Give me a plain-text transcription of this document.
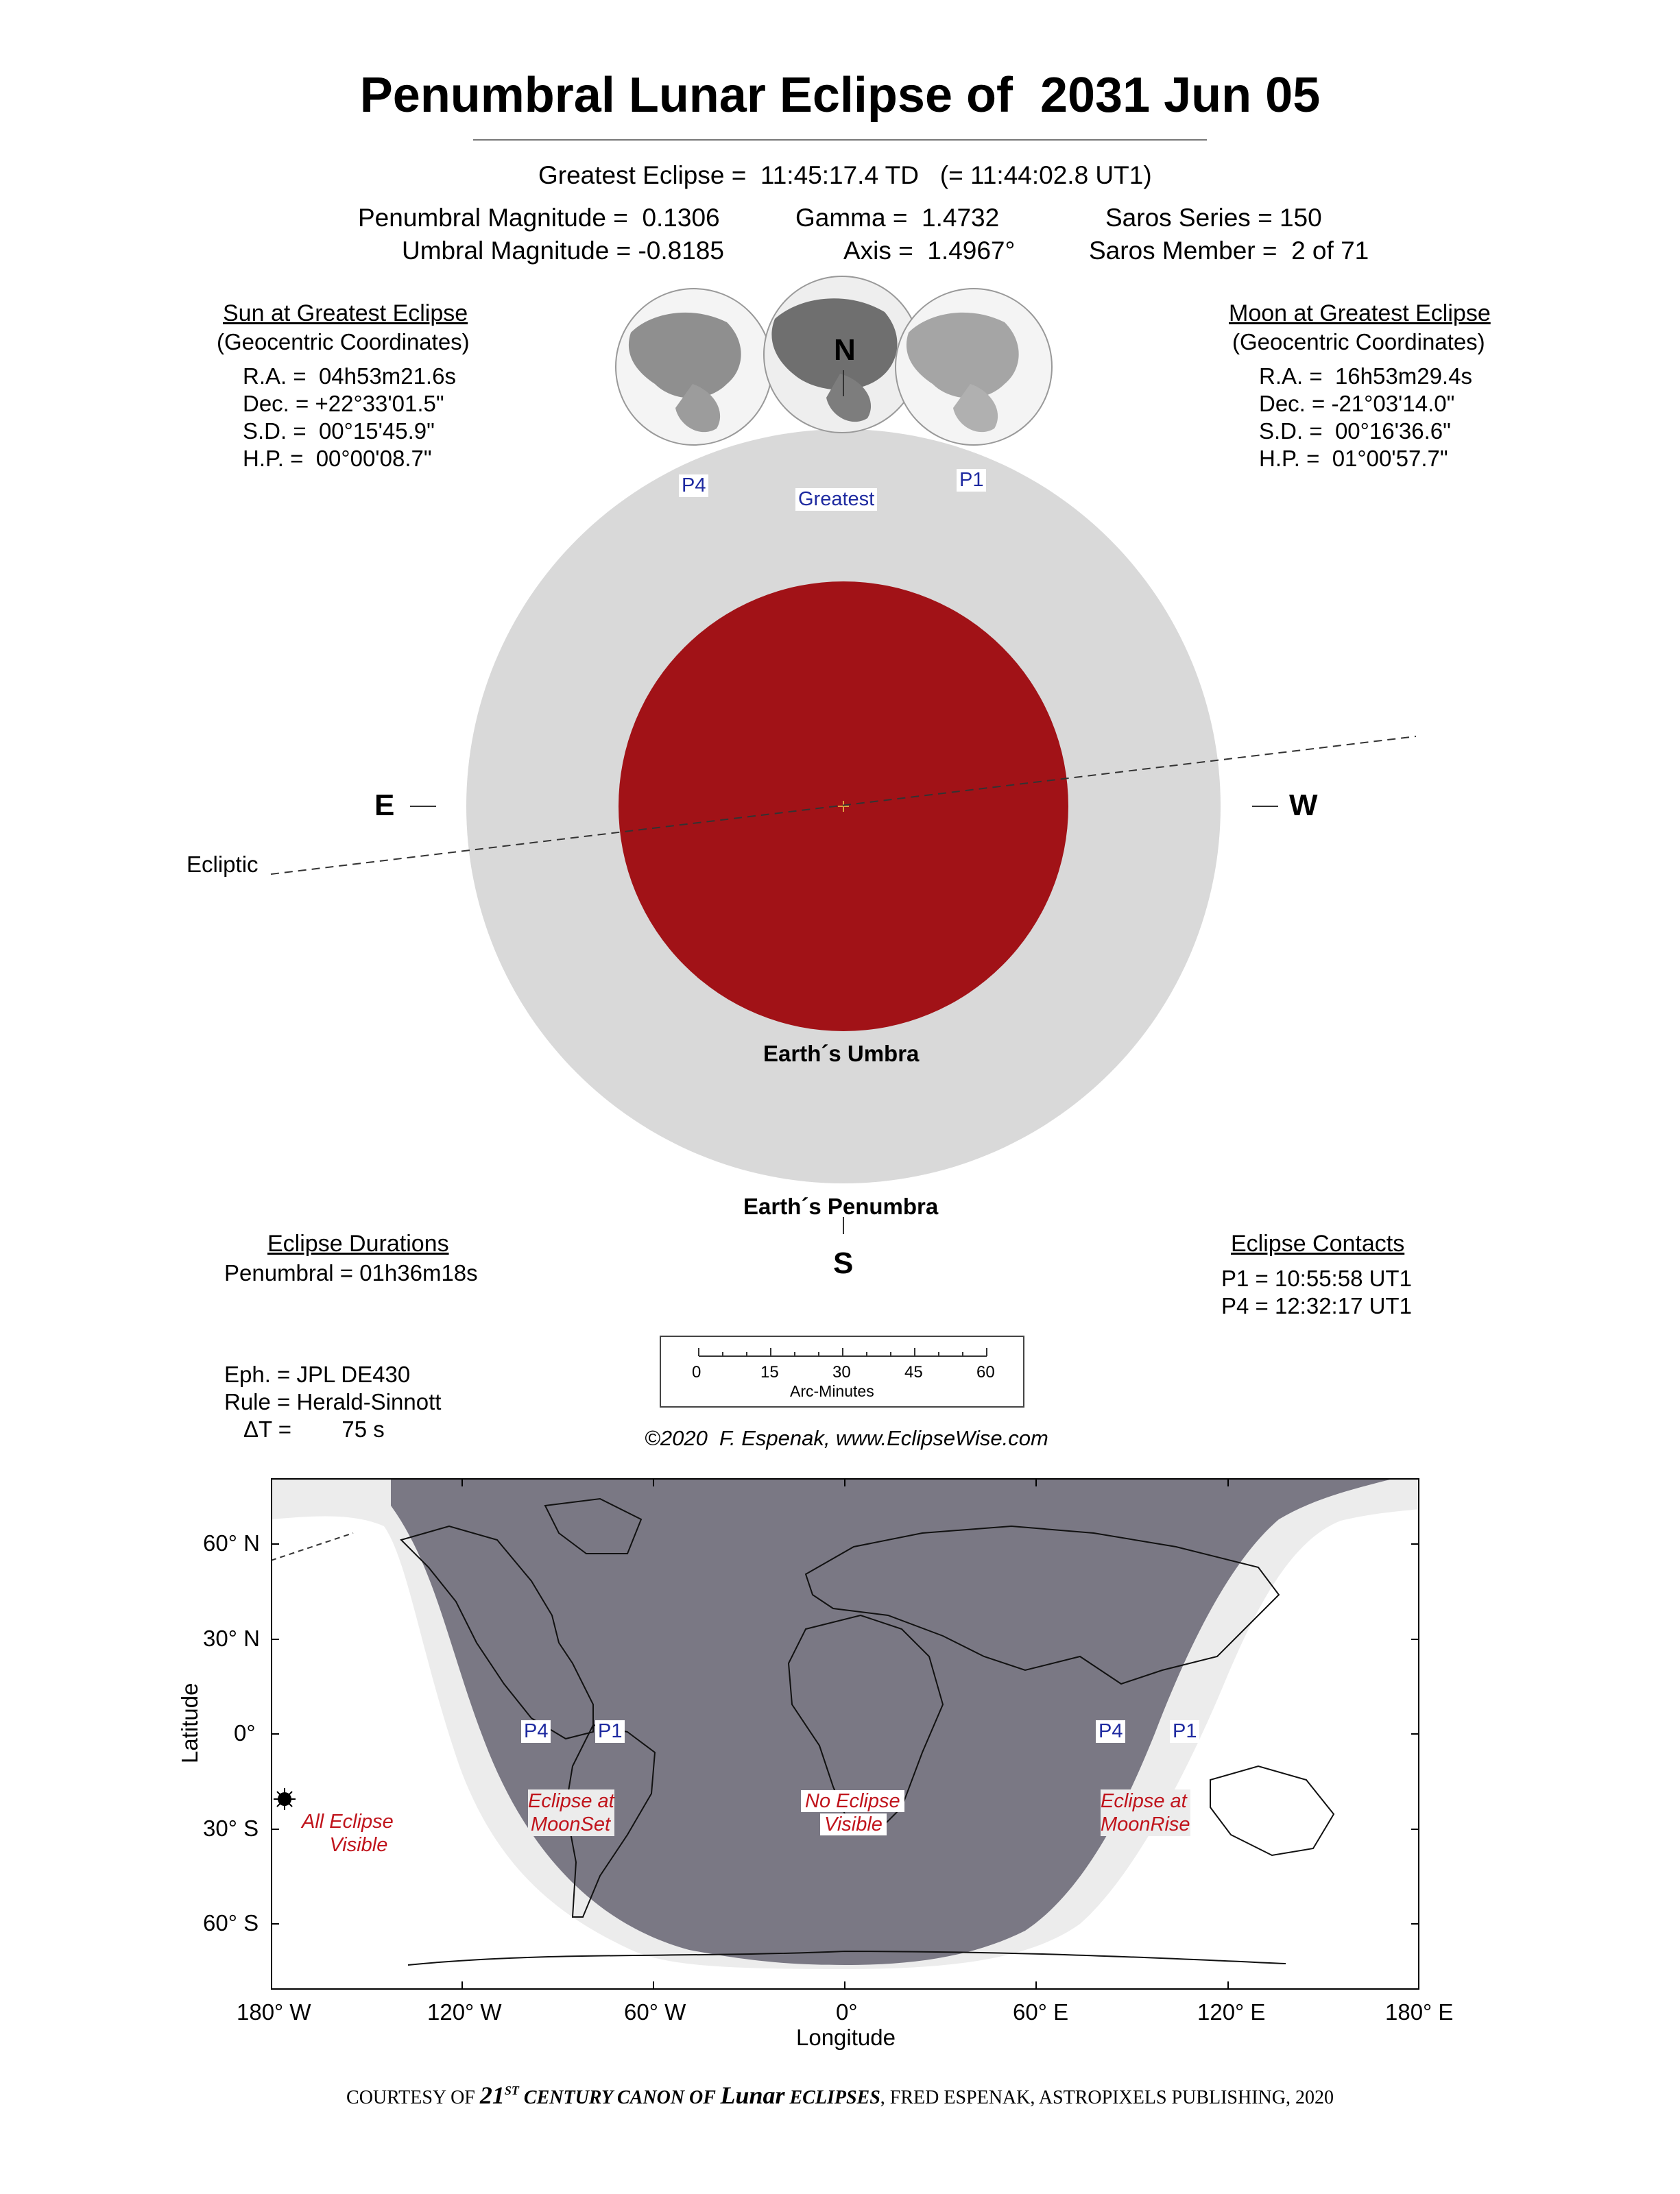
Penumbral Lunar Eclipse of  2031 Jun 05
Greatest Eclipse =  11:45:17.4 TD   (= 11:44:02.8 UT1)
Penumbral Magnitude =  0.1306
Umbral Magnitude = -0.8185
Gamma =  1.4732
Axis =  1.4967°
Saros Series = 150
Saros Member =  2 of 71
Sun at Greatest Eclipse
(Geocentric Coordinates)
R.A. =  04h53m21.6s
Dec. = +22°33'01.5"
S.D. =  00°15'45.9"
H.P. =  00°00'08.7"
Moon at Greatest Eclipse
(Geocentric Coordinates)
R.A. =  16h53m29.4s
Dec. = -21°03'14.0"
S.D. =  00°16'36.6"
H.P. =  01°00'57.7"
N
P4
Greatest
P1
E	W
Ecliptic
Earth´s Umbra
Earth´s Penumbra
S
Eclipse Durations
Penumbral = 01h36m18s
Eclipse Contacts
P1 = 10:55:58 UT1
P4 = 12:32:17 UT1
Eph. = JPL DE430
Rule = Herald-Sinnott
ΔT =        75 s

0

	15

	30

	45

	60

Arc-Minutes

©2020  F. Espenak, www.EclipseWise.com
60° N
30° N
0°
30° S
60° S
180° W	120° W	60° W	0°	60° E	120° E	180° E
Latitude
Longitude
P4	P1	P4	P1
All Eclipse
Visible
Eclipse at
MoonSet
No Eclipse
Visible
Eclipse at
MoonRise
COURTESY OF 21ST CENTURY CANON OF Lunar ECLIPSES, FRED ESPENAK, ASTROPIXELS PUBLISHING, 2020
